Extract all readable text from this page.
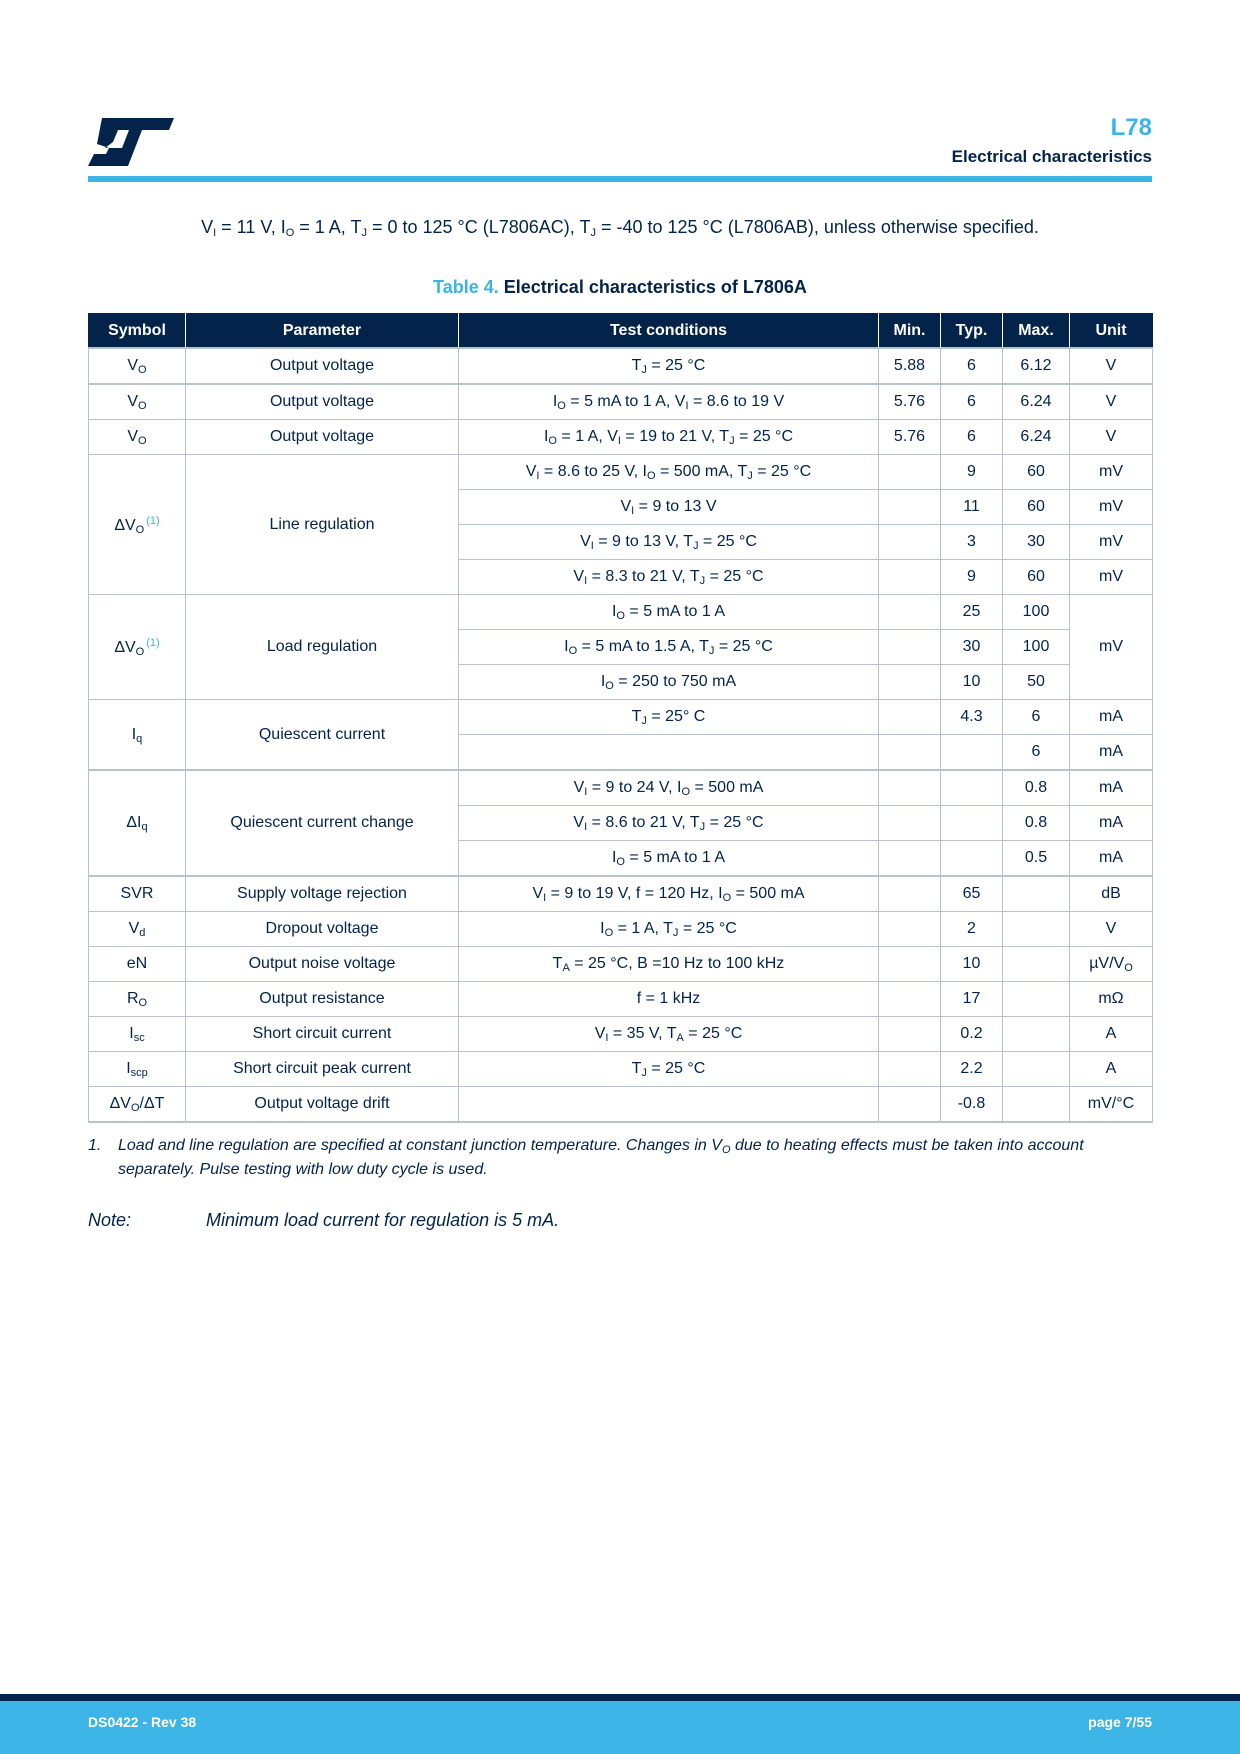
L78
Electrical characteristics
$V_I = 11$ V, $I_O = 1$ A, $T_J = 0$ to 125 °C (L7806AC), $T_J = -40$ to 125 °C (L7806AB), unless otherwise specified.
Table 4. Electrical characteristics of L7806A
Symbol	Parameter	Test conditions	Min.	Typ.	Max.	Unit
$V_O$	Output voltage	$T_J = 25$ °C	5.88	6	6.12	V
$V_O$	Output voltage	$I_O = 5$ mA to 1 A, $V_I = 8.6$ to 19 V	5.76	6	6.24	V
$V_O$	Output voltage	$I_O = 1$ A, $V_I = 19$ to 21 V, $T_J = 25$ °C	5.76	6	6.24	V
$\Delta V_O^{(1)}$	Line regulation	$V_I = 8.6$ to 25 V, $I_O = 500$ mA, $T_J = 25$ °C		9	60	mV
		$V_I = 9$ to 13 V		11	60	mV
		$V_I = 9$ to 13 V, $T_J = 25$ °C		3	30	mV
		$V_I = 8.3$ to 21 V, $T_J = 25$ °C		9	60	mV
$\Delta V_O^{(1)}$	Load regulation	$I_O = 5$ mA to 1 A		25	100	mV
		$I_O = 5$ mA to 1.5 A, $T_J = 25$ °C		30	100	
		$I_O = 250$ to 750 mA		10	50	
$I_q$	Quiescent current	$T_J = 25^\circ$ C		4.3	6	mA
					6	mA
$\Delta I_q$	Quiescent current change	$V_I = 9$ to 24 V, $I_O = 500$ mA			0.8	mA
		$V_I = 8.6$ to 21 V, $T_J = 25$ °C			0.8	mA
		$I_O = 5$ mA to 1 A			0.5	mA
SVR	Supply voltage rejection	$V_I = 9$ to 19 V, f = 120 Hz, $I_O = 500$ mA		65		dB
$V_d$	Dropout voltage	$I_O = 1$ A, $T_J = 25$ °C		2		V
eN	Output noise voltage	$T_A = 25$ °C, B =10 Hz to 100 kHz		10		$\mu V/V_O$
$R_O$	Output resistance	f = 1 kHz		17		mΩ
$I_{sc}$	Short circuit current	$V_I = 35$ V, $T_A = 25$ °C		0.2		A
$I_{scp}$	Short circuit peak current	$T_J = 25$ °C		2.2		A
$\Delta V_O/\Delta T$	Output voltage drift			-0.8		mV/°C
1. Load and line regulation are specified at constant junction temperature. Changes in $V_O$ due to heating effects must be taken into account separately. Pulse testing with low duty cycle is used.
Note:	Minimum load current for regulation is 5 mA.
DS0422 - Rev 38	page 7/55
